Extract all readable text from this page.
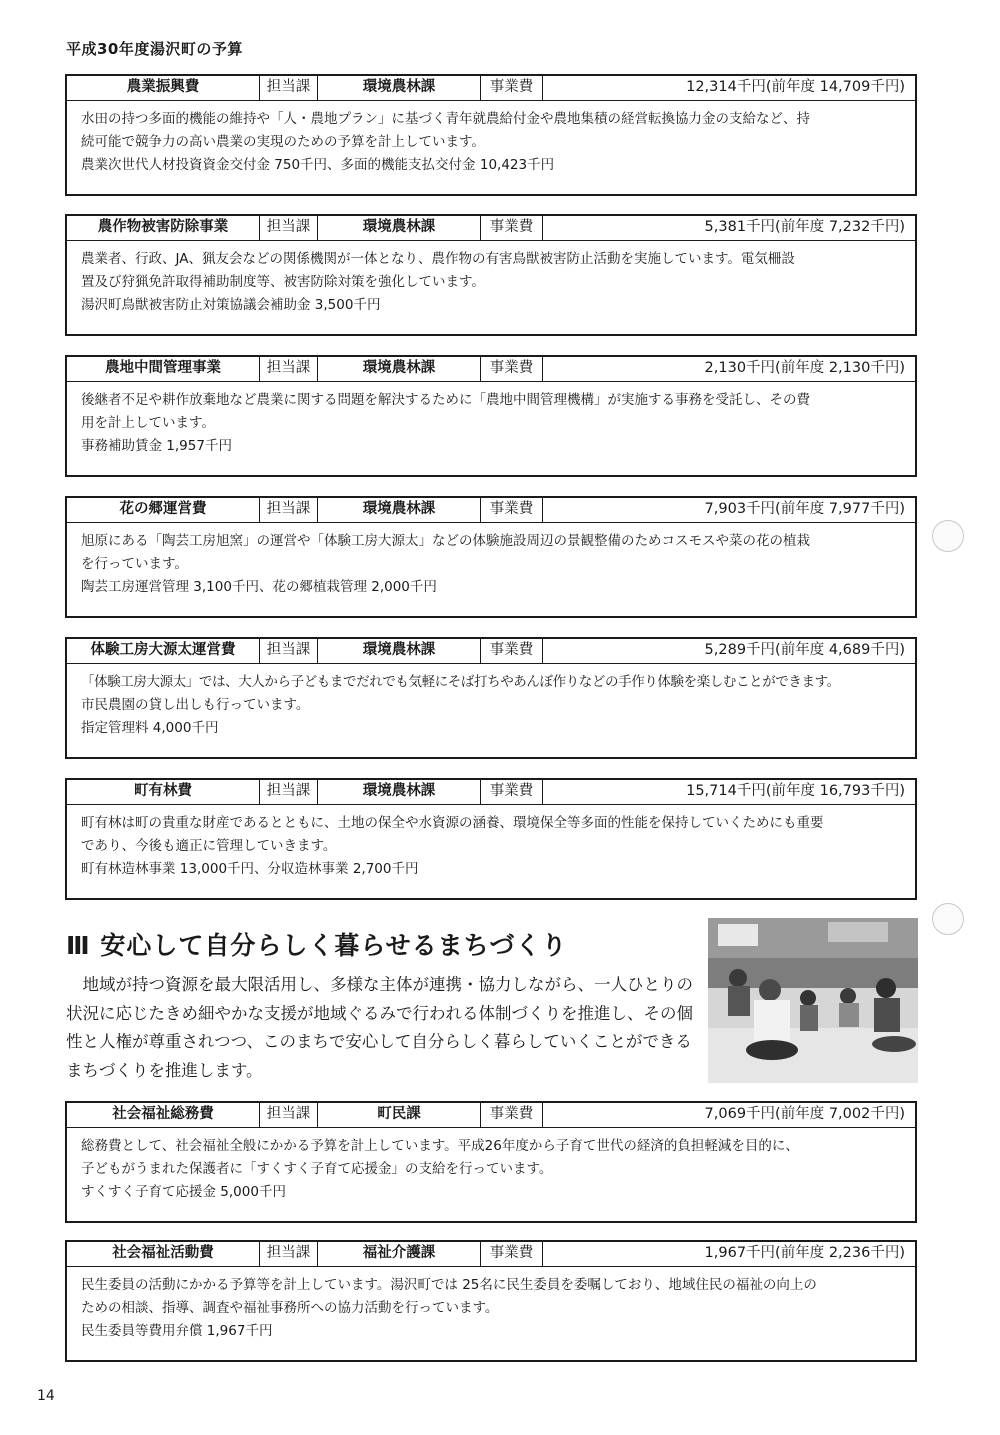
平成30年度湯沢町の予算
農業振興費	担当課	環境農林課	事業費	12,314千円(前年度 14,709千円)

水田の持つ多面的機能の維持や「人・農地プラン」に基づく青年就農給付金や農地集積の経営転換協力金の支給など、持

続可能で競争力の高い農業の実現のための予算を計上しています。

農業次世代人材投資資金交付金 750千円、多面的機能支払交付金 10,423千円

農作物被害防除事業	担当課	環境農林課	事業費	5,381千円(前年度 7,232千円)

農業者、行政、JA、猟友会などの関係機関が一体となり、農作物の有害鳥獣被害防止活動を実施しています。電気柵設

置及び狩猟免許取得補助制度等、被害防除対策を強化しています。

湯沢町鳥獣被害防止対策協議会補助金 3,500千円

農地中間管理事業	担当課	環境農林課	事業費	2,130千円(前年度 2,130千円)

後継者不足や耕作放棄地など農業に関する問題を解決するために「農地中間管理機構」が実施する事務を受託し、その費

用を計上しています。

事務補助賃金 1,957千円

花の郷運営費	担当課	環境農林課	事業費	7,903千円(前年度 7,977千円)

旭原にある「陶芸工房旭窯」の運営や「体験工房大源太」などの体験施設周辺の景観整備のためコスモスや菜の花の植栽

を行っています。

陶芸工房運営管理 3,100千円、花の郷植栽管理 2,000千円

体験工房大源太運営費	担当課	環境農林課	事業費	5,289千円(前年度 4,689千円)

「体験工房大源太」では、大人から子どもまでだれでも気軽にそば打ちやあんぼ作りなどの手作り体験を楽しむことができます。

市民農園の貸し出しも行っています。

指定管理料 4,000千円

町有林費	担当課	環境農林課	事業費	15,714千円(前年度 16,793千円)

町有林は町の貴重な財産であるとともに、土地の保全や水資源の涵養、環境保全等多面的性能を保持していくためにも重要

であり、今後も適正に管理していきます。

町有林造林事業 13,000千円、分収造林事業 2,700千円

Ⅲ 安心して自分らしく暮らせるまちづくり

地域が持つ資源を最大限活用し、多様な主体が連携・協力しながら、一人ひとりの状況に応じたきめ細やかな支援が地域ぐるみで行われる体制づくりを推進し、その個性と人権が尊重されつつ、このまちで安心して自分らしく暮らしていくことができるまちづくりを推進します。

社会福祉総務費	担当課	町民課	事業費	7,069千円(前年度 7,002千円)

総務費として、社会福祉全般にかかる予算を計上しています。平成26年度から子育て世代の経済的負担軽減を目的に、

子どもがうまれた保護者に「すくすく子育て応援金」の支給を行っています。

すくすく子育て応援金 5,000千円

社会福祉活動費	担当課	福祉介護課	事業費	1,967千円(前年度 2,236千円)

民生委員の活動にかかる予算等を計上しています。湯沢町では 25名に民生委員を委嘱しており、地域住民の福祉の向上の

ための相談、指導、調査や福祉事務所への協力活動を行っています。

民生委員等費用弁償 1,967千円

14
